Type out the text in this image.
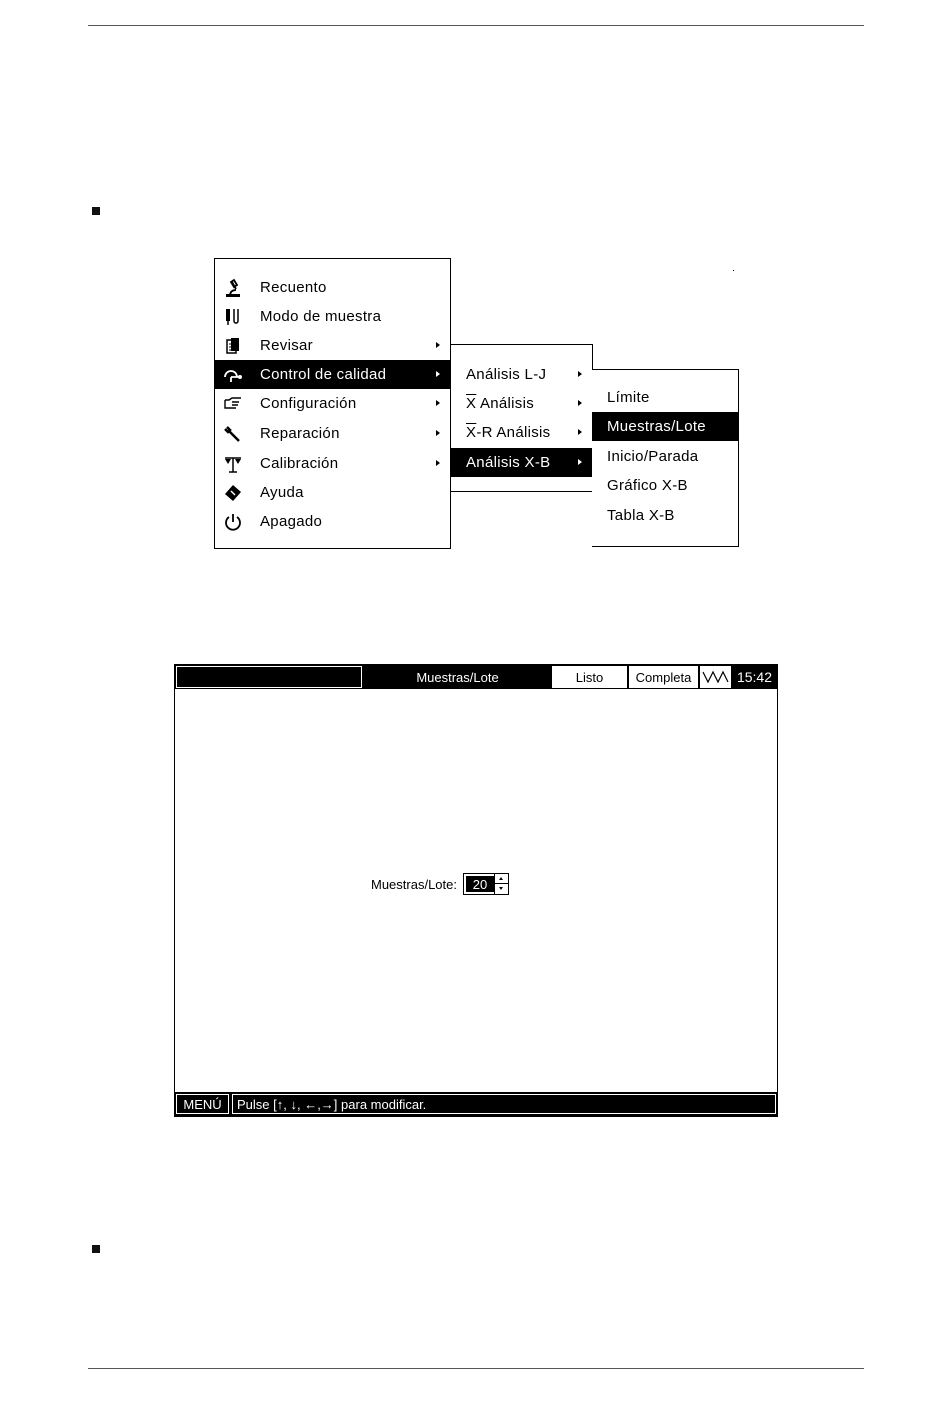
Recuento
Modo de muestra
Revisar
Control de calidad
Configuración
Reparación
Calibración
Ayuda
Apagado
Análisis L-J
$\overline{X}$ Análisis
$\overline{X}-R$ Análisis
Análisis X-B
Límite
Muestras/Lote
Inicio/Parada
Gráfico X-B
Tabla X-B
Muestras/Lote	Listo	Completa	15:42
Muestras/Lote:	20
MENÚ	Pulse [↑, ↓, ←,→] para modificar.
